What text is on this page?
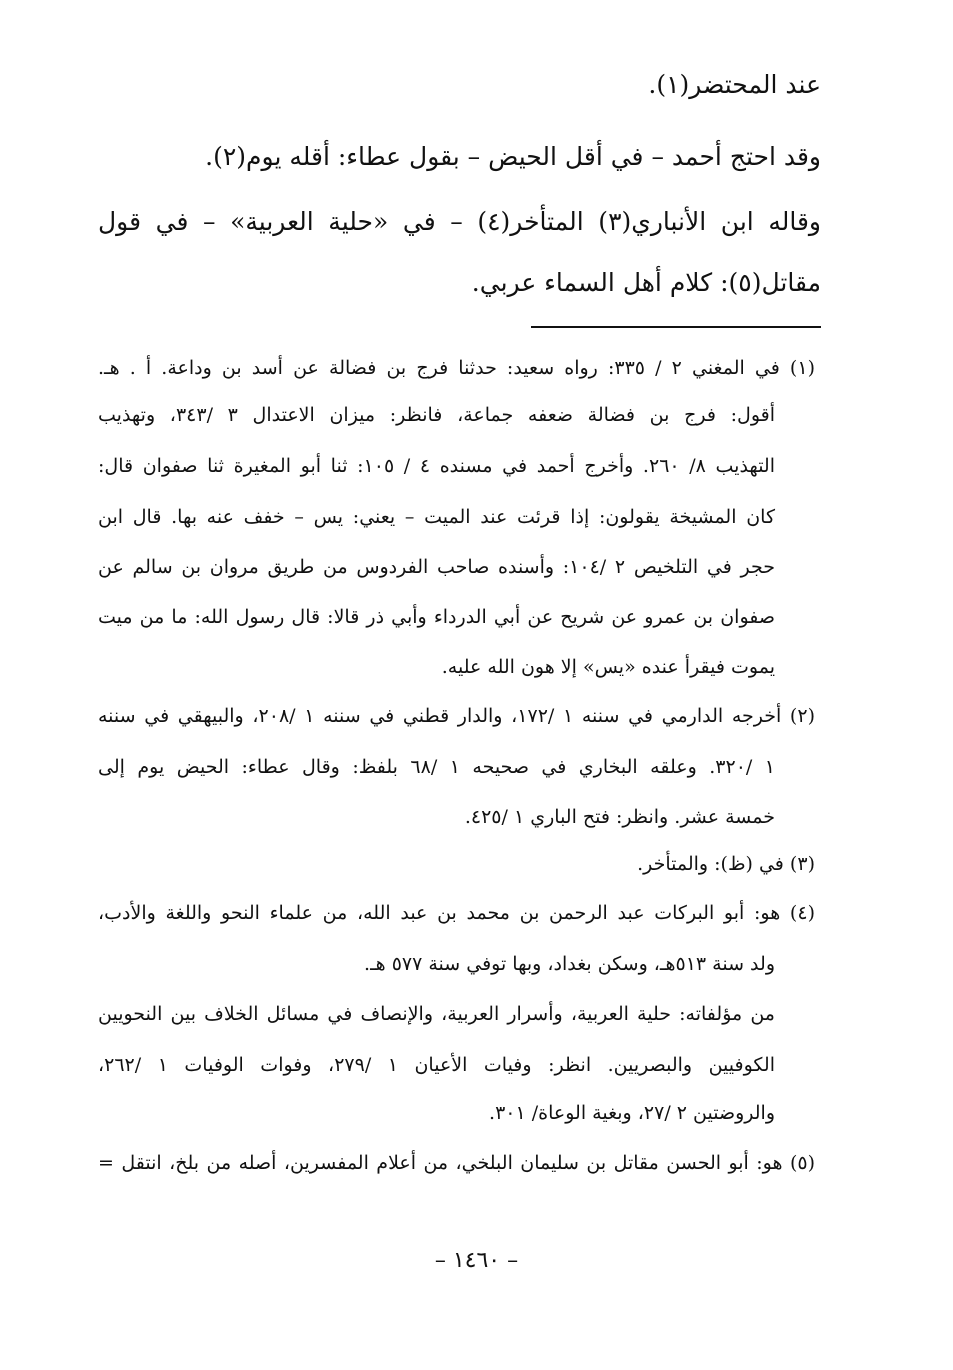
عند المحتضر(١).
وقد احتج أحمد – في أقل الحيض – بقول عطاء: أقله يوم(٢).
وقاله ابن الأنباري(٣) المتأخر(٤) – في «حلية العربية» – في قول
مقاتل(٥): كلام أهل السماء عربي.
(١) في المغني ٢ / ٣٣٥: رواه سعيد: حدثنا فرج بن فضالة عن أسد بن وداعة. أ . هـ.
أقول: فرج بن فضالة ضعفه جماعة، فانظر: ميزان الاعتدال ٣ /٣٤٣، وتهذيب
التهذيب ٨/ ٢٦٠. وأخرج أحمد في مسنده ٤ / ١٠٥: ثنا أبو المغيرة ثنا صفوان قال:
كان المشيخة يقولون: إذا قرئت عند الميت – يعني: يس – خفف عنه بها. قال ابن
حجر في التلخيص ٢ /١٠٤: وأسنده صاحب الفردوس من طريق مروان بن سالم عن
صفوان بن عمرو عن شريح عن أبي الدرداء وأبي ذر قالا: قال رسول الله: ما من ميت
يموت فيقرأ عنده «يس» إلا هون الله عليه.
(٢) أخرجه الدارمي في سننه ١ /١٧٢، والدار قطني في سننه ١ /٢٠٨، والبيهقي في سننه
١ /٣٢٠. وعلقه البخاري في صحيحه ١ /٦٨ بلفظ: وقال عطاء: الحيض يوم إلى
خمسة عشر. وانظر: فتح الباري ١ /٤٢٥.
(٣) في (ظ): والمتأخر.
(٤) هو: أبو البركات عبد الرحمن بن محمد بن عبد الله، من علماء النحو واللغة والأدب،
ولد سنة ٥١٣هـ، وسكن بغداد، وبها توفي سنة ٥٧٧ هـ.
من مؤلفاته: حلية العربية، وأسرار العربية، والإنصاف في مسائل الخلاف بين النحويين
الكوفيين والبصريين. انظر: وفيات الأعيان ١ /٢٧٩، وفوات الوفيات ١ /٢٦٢،
والروضتين ٢ /٢٧، وبغية الوعاة/ ٣٠١.
(٥) هو: أبو الحسن مقاتل بن سليمان البلخي، من أعلام المفسرين، أصله من بلخ، انتقل =
– ١٤٦٠ –
